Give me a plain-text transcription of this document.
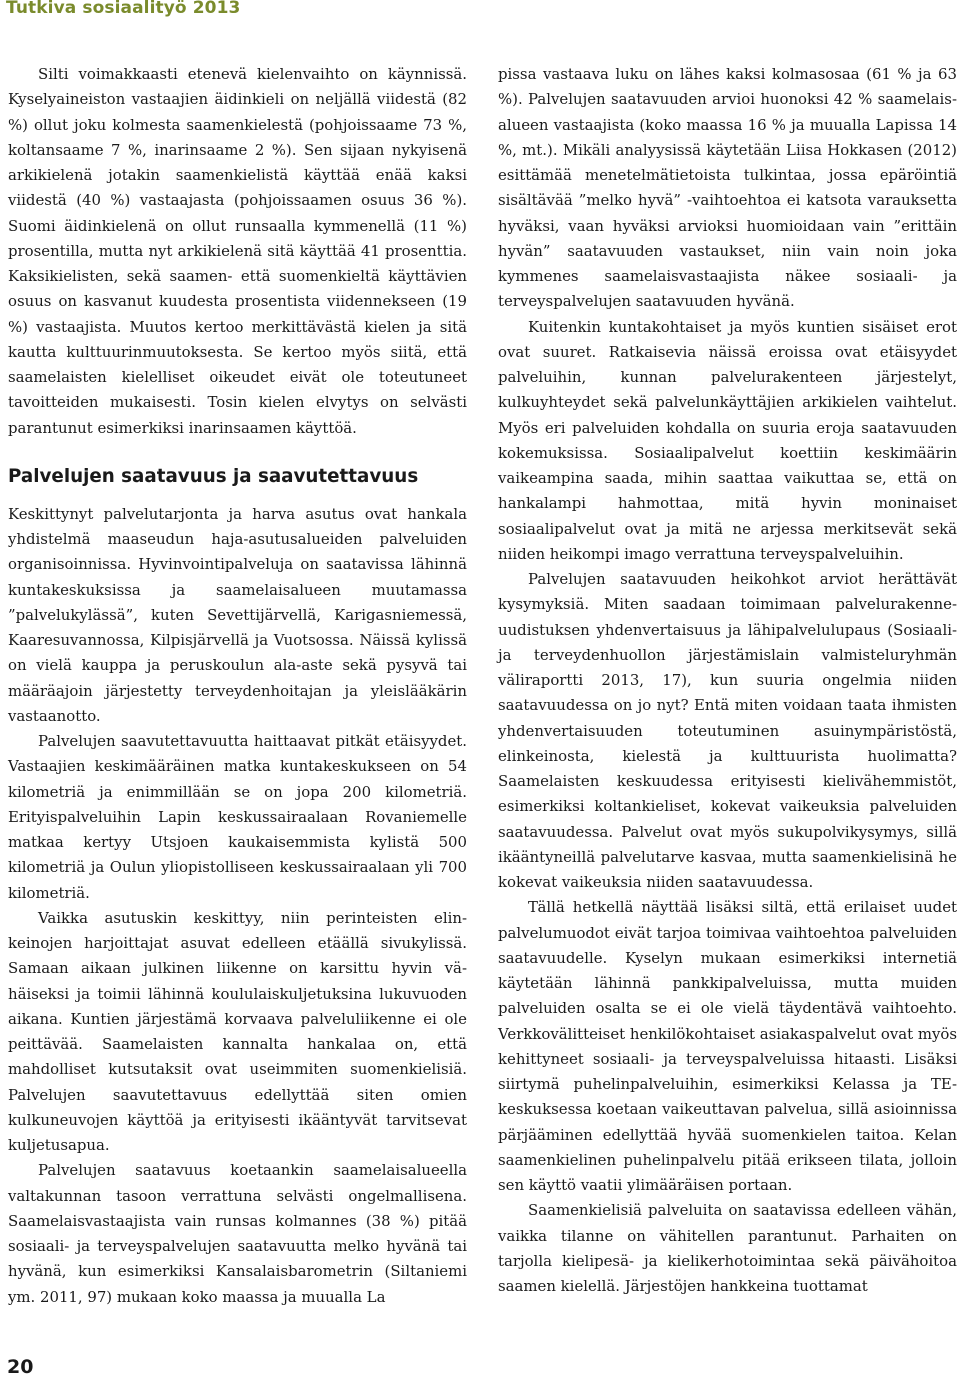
Tutkiva sosiaalityö 2013

Silti voimakkaasti etenevä kielenvaihto on käynnissä. Kyselyaineiston vastaajien äidinkieli on neljällä viidestä (82 %) ollut joku kolmesta saamenkielestä (pohjoissaame 73 %, koltansaame 7 %, inarinsaame 2 %). Sen sijaan nykyisenä arkikielenä jotakin saamenkielistä käyttää enää kaksi viidestä (40 %) vastaajasta (pohjoissaamen osuus 36 %). Suomi äidinkielenä on ollut runsaalla kymmenellä (11 %) prosentilla, mutta nyt arkikielenä sitä käyttää 41 prosenttia. Kaksikielisten, sekä saamen- että suomenkieltä käyttävien osuus on kasvanut kuudesta prosentista viidennekseen (19 %) vastaajista. Muutos kertoo merkittävästä kielen ja sitä kautta kulttuurinmuutoksesta. Se kertoo myös siitä, että saamelaisten kielelliset oikeudet eivät ole toteutuneet tavoitteiden mukaisesti. Tosin kielen elvytys on selvästi parantunut esimerkiksi inarinsaamen käyttöä.

Palvelujen saatavuus ja saavutettavuus

Keskittynyt palvelutarjonta ja harva asutus ovat hankala yhdistelmä maaseudun haja-asutusalueiden palveluiden organisoinnissa. Hyvinvointipalveluja on saatavissa lähinnä kuntakeskuksissa ja saamelaisalueen muutamassa ”palvelukylässä”, kuten Sevettijärvellä, Karigasniemessä, Kaaresuvannossa, Kilpisjärvellä ja Vuotsossa. Näissä kylissä on vielä kauppa ja peruskoulun ala-aste sekä pysyvä tai määräajoin järjestetty terveydenhoitajan ja yleislääkärin vastaanotto.

Palvelujen saavutettavuutta haittaavat pitkät etäisyydet. Vastaajien keskimääräinen matka kuntakeskukseen on 54 kilometriä ja enimmillään se on jopa 200 kilometriä. Erityispalveluihin Lapin keskussairaalaan Rovaniemelle matkaa kertyy Utsjoen kaukaisemmista kylistä 500 kilometriä ja Oulun yliopistolliseen keskussairaalaan yli 700 kilometriä.

Vaikka asutuskin keskittyy, niin perinteisten elinkeinojen harjoittajat asuvat edelleen etäällä sivukylissä. Samaan aikaan julkinen liikenne on karsittu hyvin vähäiseksi ja toimii lähinnä koululaiskuljetuksina lukuvuoden aikana. Kuntien järjestämä korvaava palveluliikenne ei ole peittävää. Saamelaisten kannalta hankalaa on, että mahdolliset kutsutaksit ovat useimmiten suomenkielisiä. Palvelujen saavutettavuus edellyttää siten omien kulkuneuvojen käyttöä ja erityisesti ikääntyvät tarvitsevat kuljetusapua.

Palvelujen saatavuus koetaankin saamelaisalueella valtakunnan tasoon verrattuna selvästi ongelmallisena. Saamelaisvastaajista vain runsas kolmannes (38 %) pitää sosiaali- ja terveyspalvelujen saatavuutta melko hyvänä tai hyvänä, kun esimerkiksi Kansalaisbarometrin (Siltaniemi ym. 2011, 97) mukaan koko maassa ja muualla La

pissa vastaava luku on lähes kaksi kolmasosaa (61 % ja 63 %). Palvelujen saatavuuden arvioi huonoksi 42 % saamelaisalueen vastaajista (koko maassa 16 % ja muualla Lapissa 14 %, mt.). Mikäli analyysissä käytetään Liisa Hokkasen (2012) esittämää menetelmätietoista tulkintaa, jossa epäröintiä sisältävää ”melko hyvä” -vaihtoehtoa ei katsota varauksetta hyväksi, vaan hyväksi arvioksi huomioidaan vain ”erittäin hyvän” saatavuuden vastaukset, niin vain noin joka kymmenes saamelaisvastaajista näkee sosiaali- ja terveyspalvelujen saatavuuden hyvänä.

Kuitenkin kuntakohtaiset ja myös kuntien sisäiset erot ovat suuret. Ratkaisevia näissä eroissa ovat etäisyydet palveluihin, kunnan palvelurakenteen järjestelyt, kulkuyhteydet sekä palvelunkäyttäjien arkikielen vaihtelut. Myös eri palveluiden kohdalla on suuria eroja saatavuuden kokemuksissa. Sosiaalipalvelut koettiin keskimäärin vaikeampina saada, mihin saattaa vaikuttaa se, että on hankalampi hahmottaa, mitä hyvin moninaiset sosiaalipalvelut ovat ja mitä ne arjessa merkitsevät sekä niiden heikompi imago verrattuna terveyspalveluihin.

Palvelujen saatavuuden heikohkot arviot herättävät kysymyksiä. Miten saadaan toimimaan palvelurakenneuudistuksen yhdenvertaisuus ja lähipalvelulupaus (Sosiaali- ja terveydenhuollon järjestämislain valmisteluryhmän väliraportti 2013, 17), kun suuria ongelmia niiden saatavuudessa on jo nyt? Entä miten voidaan taata ihmisten yhdenvertaisuuden toteutuminen asuinympäristöstä, elinkeinosta, kielestä ja kulttuurista huolimatta? Saamelaisten keskuudessa erityisesti kielivähemmistöt, esimerkiksi koltankieliset, kokevat vaikeuksia palveluiden saatavuudessa. Palvelut ovat myös sukupolvikysymys, sillä ikääntyneillä palvelutarve kasvaa, mutta saamenkielisinä he kokevat vaikeuksia niiden saatavuudessa.

Tällä hetkellä näyttää lisäksi siltä, että erilaiset uudet palvelumuodot eivät tarjoa toimivaa vaihtoehtoa palveluiden saatavuudelle. Kyselyn mukaan esimerkiksi internetiä käytetään lähinnä pankkipalveluissa, mutta muiden palveluiden osalta se ei ole vielä täydentävä vaihtoehto. Verkkovälitteiset henkilökohtaiset asiakaspalvelut ovat myös kehittyneet sosiaali- ja terveyspalveluissa hitaasti. Lisäksi siirtymä puhelinpalveluihin, esimerkiksi Kelassa ja TE-keskuksessa koetaan vaikeuttavan palvelua, sillä asioinnissa pärjääminen edellyttää hyvää suomenkielen taitoa. Kelan saamenkielinen puhelinpalvelu pitää erikseen tilata, jolloin sen käyttö vaatii ylimääräisen portaan.

Saamenkielisiä palveluita on saatavissa edelleen vähän, vaikka tilanne on vähitellen parantunut. Parhaiten on tarjolla kielipesä- ja kielikerhotoimintaa sekä päivähoitoa saamen kielellä. Järjestöjen hankkeina tuottamat

20
